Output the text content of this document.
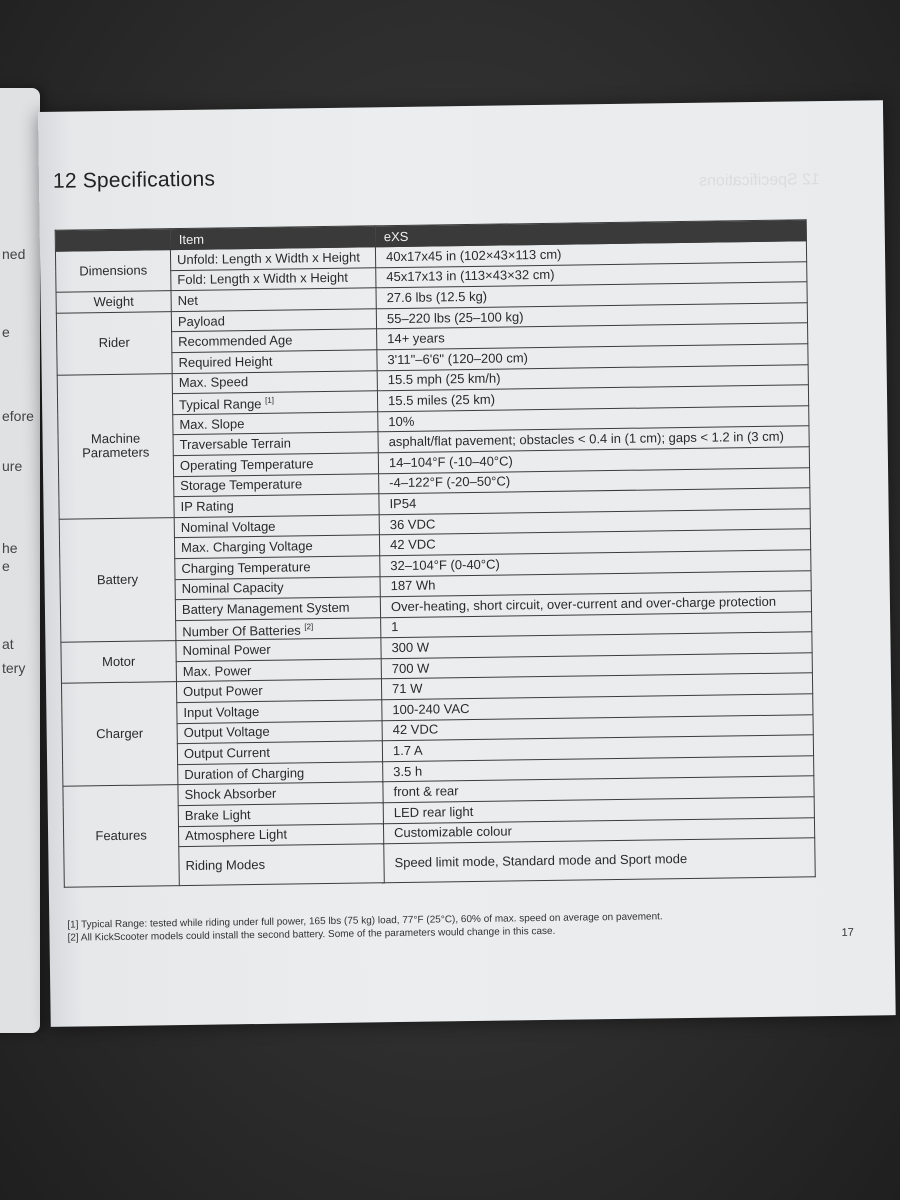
ned
e
efore
ure
he
e
at
tery
12 Specifications
12 Specifications
	Item	eXS
Dimensions	Unfold: Length x Width x Height	40x17x45 in (102×43×113 cm)
	Fold: Length x Width x Height	45x17x13 in (113×43×32 cm)
Weight	Net	27.6 lbs (12.5 kg)
Rider	Payload	55–220 lbs (25–100 kg)
	Recommended Age	14+ years
	Required Height	3'11"–6'6" (120–200 cm)
Machine Parameters	Max. Speed	15.5 mph (25 km/h)
	Typical Range [1]	15.5 miles (25 km)
	Max. Slope	10%
	Traversable Terrain	asphalt/flat pavement; obstacles < 0.4 in (1 cm); gaps < 1.2 in (3 cm)
	Operating Temperature	14–104°F (-10–40°C)
	Storage Temperature	-4–122°F (-20–50°C)
	IP Rating	IP54
Battery	Nominal Voltage	36 VDC
	Max. Charging Voltage	42 VDC
	Charging Temperature	32–104°F (0-40°C)
	Nominal Capacity	187 Wh
	Battery Management System	Over-heating, short circuit, over-current and over-charge protection
	Number Of Batteries [2]	1
Motor	Nominal Power	300 W
	Max. Power	700 W
Charger	Output Power	71 W
	Input Voltage	100-240 VAC
	Output Voltage	42 VDC
	Output Current	1.7 A
	Duration of Charging	3.5 h
Features	Shock Absorber	front & rear
	Brake Light	LED rear light
	Atmosphere Light	Customizable colour
	Riding Modes	Speed limit mode, Standard mode and Sport mode
[1] Typical Range: tested while riding under full power, 165 lbs (75 kg) load, 77°F (25°C), 60% of max. speed on average on pavement.
[2] All KickScooter models could install the second battery. Some of the parameters would change in this case.	17
